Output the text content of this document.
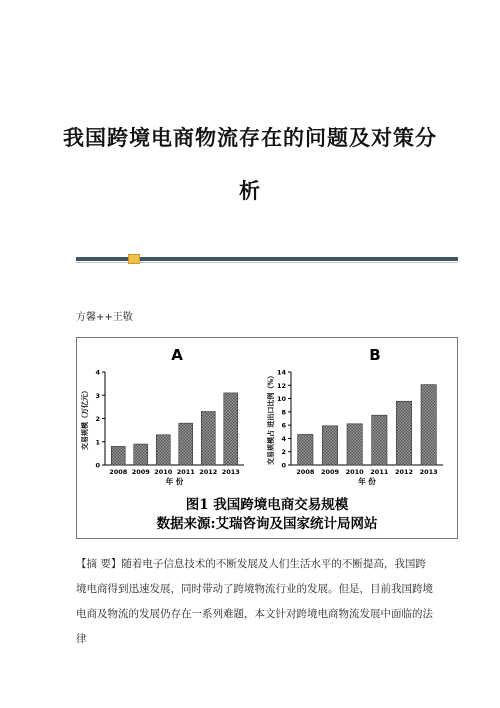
我国跨境电商物流存在的问题及对策分
析
方馨++王敬
A
0
1
2
3
4
交易规模（万亿元）
2008 2009 2010 2011 2012 2013
年 份
B
0
2
4
6
8
10
12
14
交易规模占 进出口比例（%）
2008 2009 2010 2011 2012 2013
年 份
图1 我国跨境电商交易规模
数据来源:艾瑞咨询及国家统计局网站
【摘 要】随着电子信息技术的不断发展及人们生活水平的不断提高，我国跨境电商得到迅速发展，同时带动了跨境物流行业的发展。但是，目前我国跨境电商及物流的发展仍存在一系列难题，本文针对跨境电商物流发展中面临的法律
